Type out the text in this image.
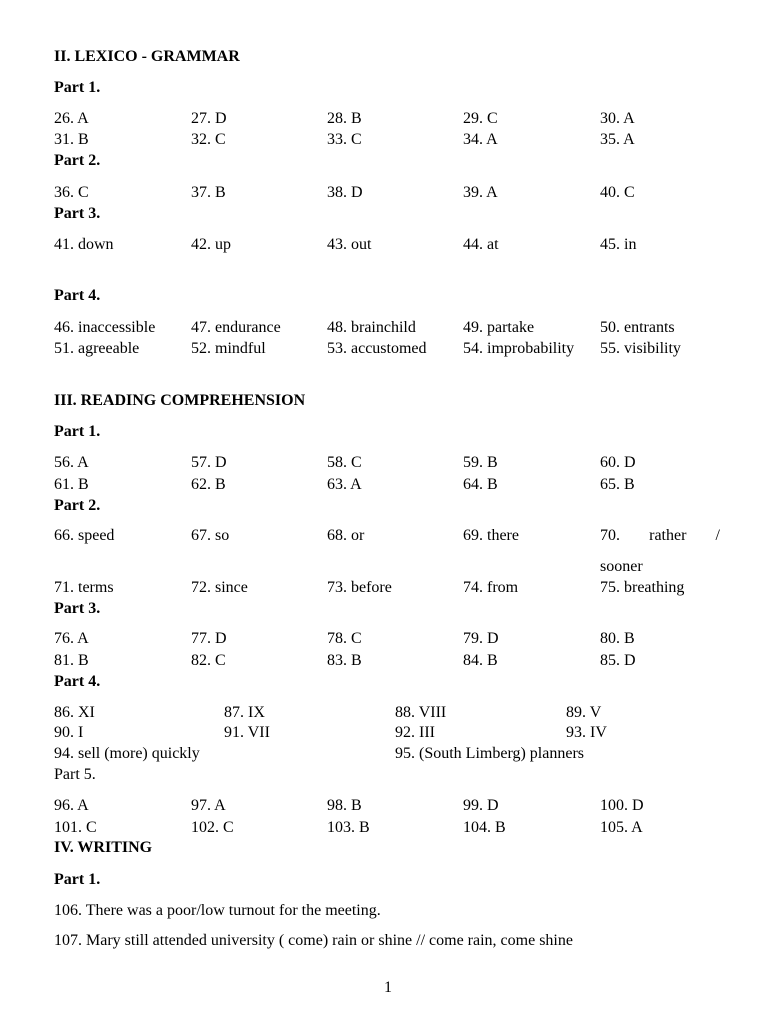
II. LEXICO - GRAMMAR
Part 1.
26. A	27. D	28. B	29. C	30. A
31. B	32. C	33. C	34. A	35. A
Part 2.
36. C	37. B	38. D	39. A	40. C
Part 3.
41. down	42. up	43. out	44. at	45. in
Part 4.
46. inaccessible 47. endurance	48. brainchild	49. partake	50. entrants
51. agreeable	52. mindful	53. accustomed 54. improbability 55. visibility
III. READING COMPREHENSION
Part 1.
56. A	57. D	58. C	59. B	60. D
61. B	62. B	63. A	64. B	65. B
Part 2.
66. speed	67. so	68. or	69. there	70. rather /
sooner
71. terms	72. since	73. before	74. from	75. breathing
Part 3.
76. A	77. D	78. C	79. D	80. B
81. B	82. C	83. B	84. B	85. D
Part 4.
86. XI	87. IX	88. VIII	89. V
90. I	91. VII	92. III	93. IV
94. sell (more) quickly	95. (South Limberg) planners
Part 5.
96. A	97. A	98. B	99. D	100. D
101. C	102. C	103. B	104. B	105. A
IV. WRITING
Part 1.
106. There was a poor/low turnout for the meeting.
107. Mary still attended university ( come) rain or shine // come rain, come shine
1
